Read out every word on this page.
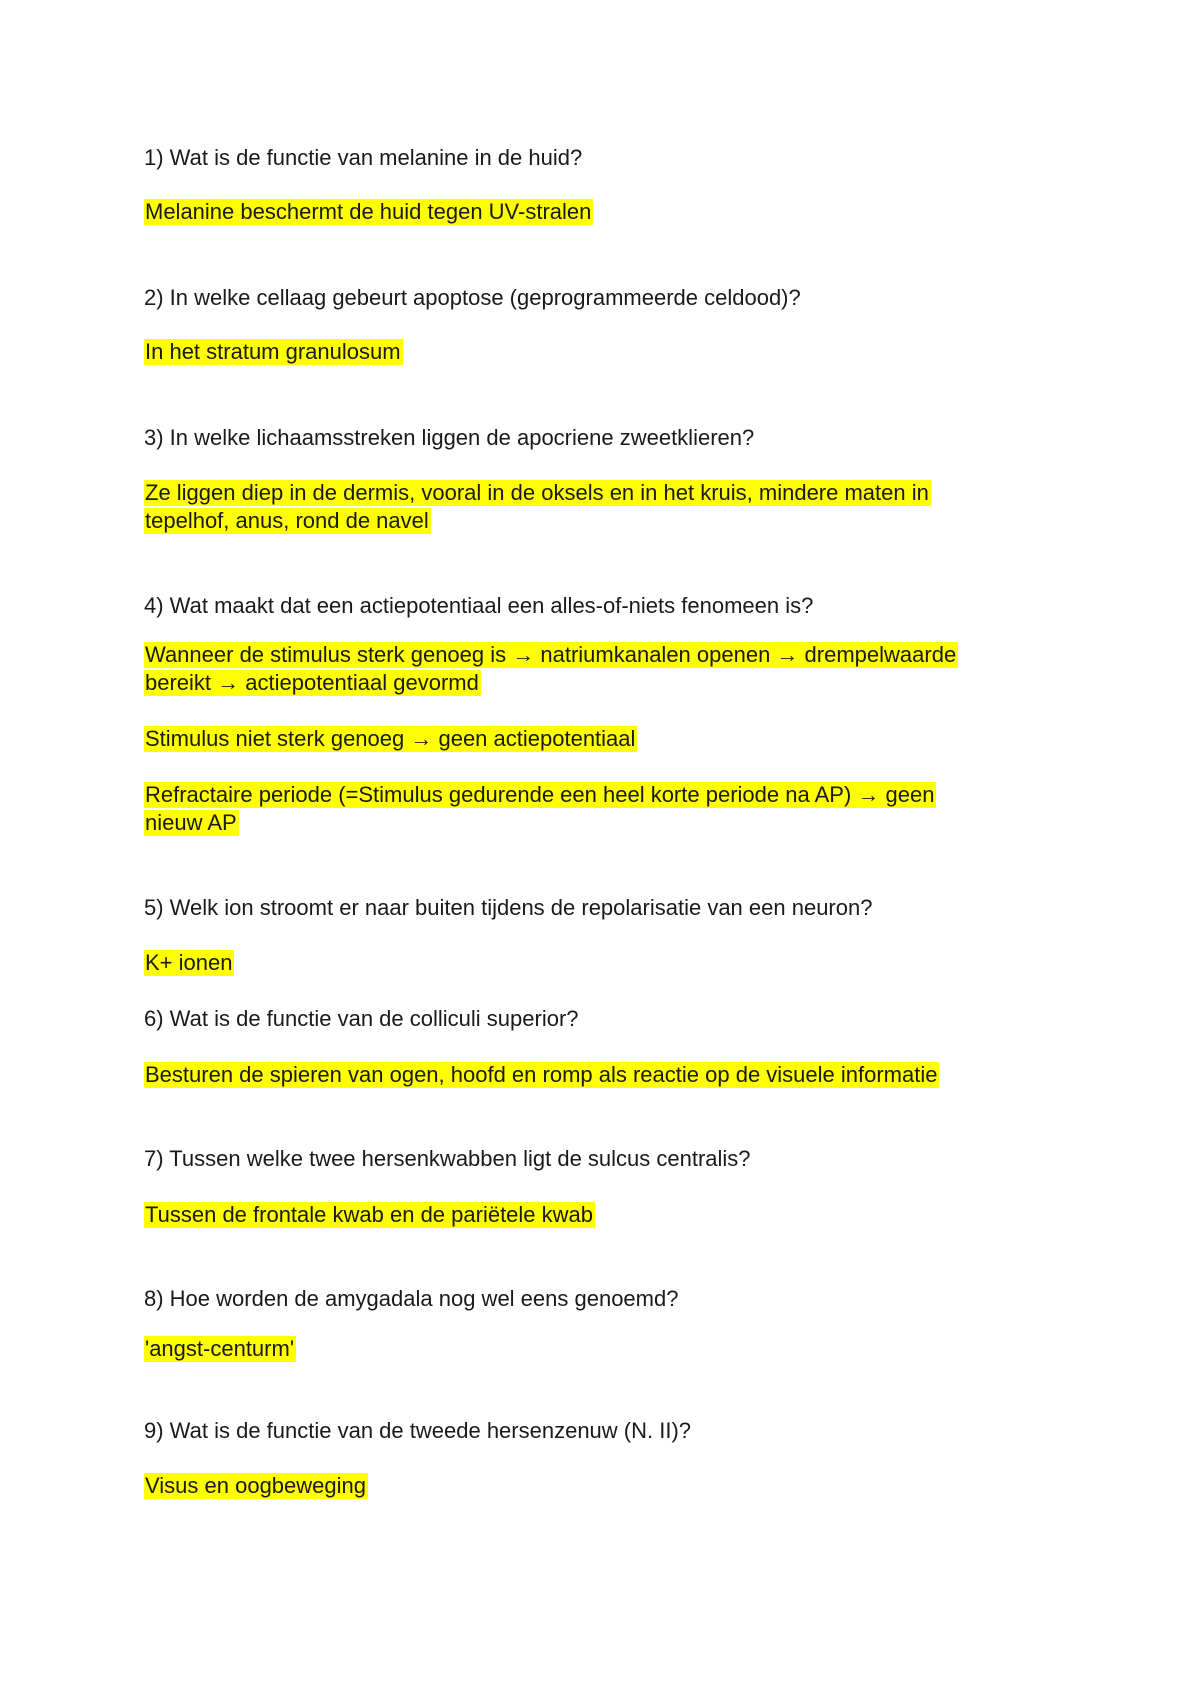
1) Wat is de functie van melanine in de huid?

Melanine beschermt de huid tegen UV-stralen

2) In welke cellaag gebeurt apoptose (geprogrammeerde celdood)?

In het stratum granulosum

3) In welke lichaamsstreken liggen de apocriene zweetklieren?

Ze liggen diep in de dermis, vooral in de oksels en in het kruis, mindere maten in

tepelhof, anus, rond de navel

4) Wat maakt dat een actiepotentiaal een alles-of-niets fenomeen is?

Wanneer de stimulus sterk genoeg is → natriumkanalen openen → drempelwaarde

bereikt → actiepotentiaal gevormd

Stimulus niet sterk genoeg → geen actiepotentiaal

Refractaire periode (=Stimulus gedurende een heel korte periode na AP) → geen

nieuw AP

5) Welk ion stroomt er naar buiten tijdens de repolarisatie van een neuron?

K+ ionen

6) Wat is de functie van de colliculi superior?

Besturen de spieren van ogen, hoofd en romp als reactie op de visuele informatie

7) Tussen welke twee hersenkwabben ligt de sulcus centralis?

Tussen de frontale kwab en de pariëtele kwab

8) Hoe worden de amygadala nog wel eens genoemd?

'angst-centurm'

9) Wat is de functie van de tweede hersenzenuw (N. II)?

Visus en oogbeweging
